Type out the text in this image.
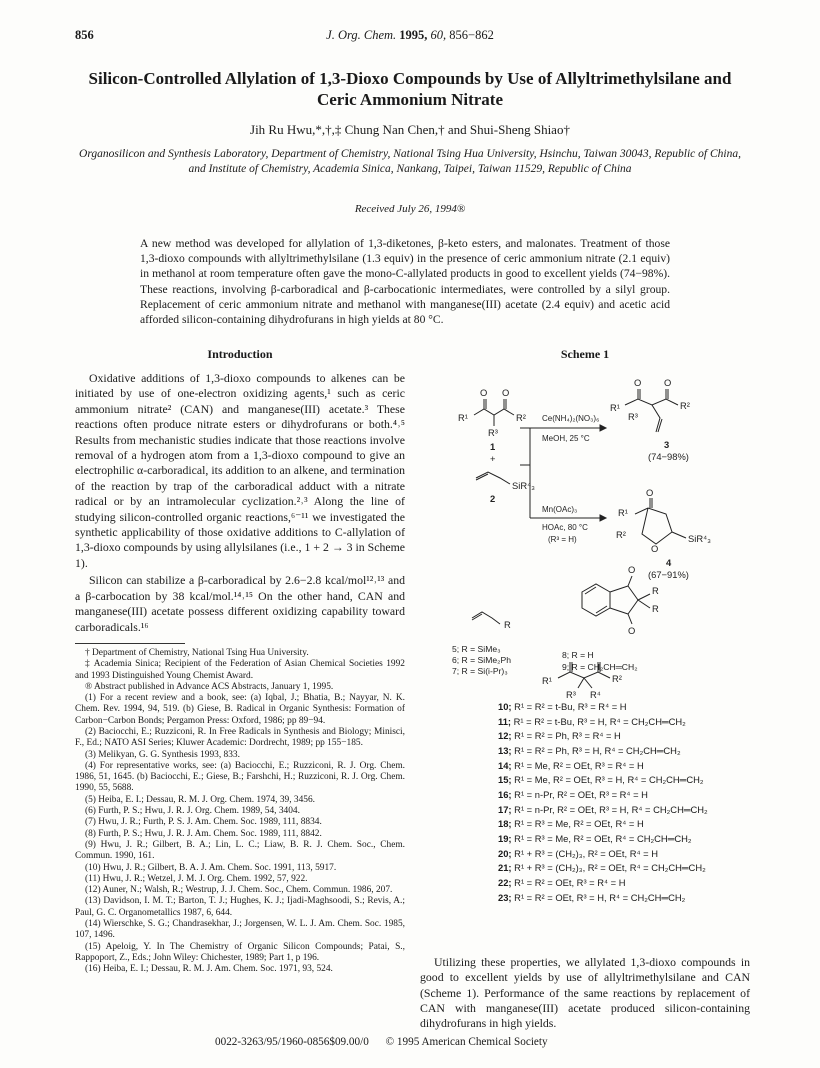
856	J. Org. Chem. 1995, 60, 856−862
Silicon-Controlled Allylation of 1,3-Dioxo Compounds by Use of Allyltrimethylsilane and Ceric Ammonium Nitrate
Jih Ru Hwu,*,†,‡ Chung Nan Chen,† and Shui-Sheng Shiao†
Organosilicon and Synthesis Laboratory, Department of Chemistry, National Tsing Hua University, Hsinchu, Taiwan 30043, Republic of China, and Institute of Chemistry, Academia Sinica, Nankang, Taipei, Taiwan 11529, Republic of China
Received July 26, 1994®
A new method was developed for allylation of 1,3-diketones, β-keto esters, and malonates. Treatment of those 1,3-dioxo compounds with allyltrimethylsilane (1.3 equiv) in the presence of ceric ammonium nitrate (2.1 equiv) in methanol at room temperature often gave the mono-C-allylated products in good to excellent yields (74−98%). These reactions, involving β-carboradical and β-carbocationic intermediates, were controlled by a silyl group. Replacement of ceric ammonium nitrate and methanol with manganese(III) acetate (2.4 equiv) and acetic acid afforded silicon-containing dihydrofurans in high yields at 80 °C.
Introduction

Oxidative additions of 1,3-dioxo compounds to alkenes can be initiated by use of one-electron oxidizing agents,¹ such as ceric ammonium nitrate² (CAN) and manganese(III) acetate.³ These reactions often produce nitrate esters or dihydrofurans or both.⁴˒⁵ Results from mechanistic studies indicate that those reactions involve removal of a hydrogen atom from a 1,3-dioxo compound to give an electrophilic α-carboradical, its addition to an alkene, and termination of the reaction by trap of the carboradical adduct with a nitrate radical or by an intramolecular cyclization.²˒³ Along the line of studying silicon-controlled organic reactions,⁶⁻¹¹ we investigated the synthetic applicability of those oxidative additions to C-allylation of 1,3-dioxo compounds by using allylsilanes (i.e., 1 + 2 → 3 in Scheme 1).

Silicon can stabilize a β-carboradical by 2.6−2.8 kcal/mol¹²˒¹³ and a β-carbocation by 38 kcal/mol.¹⁴˒¹⁵ On the other hand, CAN and manganese(III) acetate possess different oxidizing capability toward carboradicals.¹⁶

† Department of Chemistry, National Tsing Hua University.
‡ Academia Sinica; Recipient of the Federation of Asian Chemical Societies 1992 and 1993 Distinguished Young Chemist Award.
® Abstract published in Advance ACS Abstracts, January 1, 1995.
(1) For a recent review and a book, see: (a) Iqbal, J.; Bhatia, B.; Nayyar, N. K. Chem. Rev. 1994, 94, 519. (b) Giese, B. Radical in Organic Synthesis: Formation of Carbon−Carbon Bonds; Pergamon Press: Oxford, 1986; pp 89−94.
(2) Baciocchi, E.; Ruzziconi, R. In Free Radicals in Synthesis and Biology; Minisci, F., Ed.; NATO ASI Series; Kluwer Academic: Dordrecht, 1989; pp 155−185.
(3) Melikyan, G. G. Synthesis 1993, 833.
(4) For representative works, see: (a) Baciocchi, E.; Ruzziconi, R. J. Org. Chem. 1986, 51, 1645. (b) Baciocchi, E.; Giese, B.; Farshchi, H.; Ruzziconi, R. J. Org. Chem. 1990, 55, 5688.
(5) Heiba, E. I.; Dessau, R. M. J. Org. Chem. 1974, 39, 3456.
(6) Furth, P. S.; Hwu, J. R. J. Org. Chem. 1989, 54, 3404.
(7) Hwu, J. R.; Furth, P. S. J. Am. Chem. Soc. 1989, 111, 8834.
(8) Furth, P. S.; Hwu, J. R. J. Am. Chem. Soc. 1989, 111, 8842.
(9) Hwu, J. R.; Gilbert, B. A.; Lin, L. C.; Liaw, B. R. J. Chem. Soc., Chem. Commun. 1990, 161.
(10) Hwu, J. R.; Gilbert, B. A. J. Am. Chem. Soc. 1991, 113, 5917.
(11) Hwu, J. R.; Wetzel, J. M. J. Org. Chem. 1992, 57, 922.
(12) Auner, N.; Walsh, R.; Westrup, J. J. Chem. Soc., Chem. Commun. 1986, 207.
(13) Davidson, I. M. T.; Barton, T. J.; Hughes, K. J.; Ijadi-Maghsoodi, S.; Revis, A.; Paul, G. C. Organometallics 1987, 6, 644.
(14) Wierschke, S. G.; Chandrasekhar, J.; Jorgensen, W. L. J. Am. Chem. Soc. 1985, 107, 1496.
(15) Apeloig, Y. In The Chemistry of Organic Silicon Compounds; Patai, S., Rappoport, Z., Eds.; John Wiley: Chichester, 1989; Part 1, p 196.
(16) Heiba, E. I.; Dessau, R. M. J. Am. Chem. Soc. 1971, 93, 524.
Scheme 1
O O
R¹	R²
R³
1
+
SiR⁴₃
2
Ce(NH₄)₂(NO₃)₆
MeOH, 25 °C
O O
R¹	R²
R³
3
(74−98%)
O
Mn(OAc)₃
HOAc, 80 °C
(R³ = H)
R¹
R²
O
SiR⁴₃
4
(67−91%)
R
O
R
R
O
5; R = SiMe₃
6; R = SiMe₂Ph
7; R = Si(i-Pr)₃
8; R = H
9; R = CH₂CH═CH₂
R¹	R²
R³ R⁴
10; R¹ = R² = t-Bu, R³ = R⁴ = H
11; R¹ = R² = t-Bu, R³ = H, R⁴ = CH₂CH═CH₂
12; R¹ = R² = Ph, R³ = R⁴ = H
13; R¹ = R² = Ph, R³ = H, R⁴ = CH₂CH═CH₂
14; R¹ = Me, R² = OEt, R³ = R⁴ = H
15; R¹ = Me, R² = OEt, R³ = H, R⁴ = CH₂CH═CH₂
16; R¹ = n-Pr, R² = OEt, R³ = R⁴ = H
17; R¹ = n-Pr, R² = OEt, R³ = H, R⁴ = CH₂CH═CH₂
18; R¹ = R³ = Me, R² = OEt, R⁴ = H
19; R¹ = R³ = Me, R² = OEt, R⁴ = CH₂CH═CH₂
20; R¹ + R³ = (CH₂)₃, R² = OEt, R⁴ = H
21; R¹ + R³ = (CH₂)₃, R² = OEt, R⁴ = CH₂CH═CH₂
22; R¹ = R² = OEt, R³ = R⁴ = H
23; R¹ = R² = OEt, R³ = H, R⁴ = CH₂CH═CH₂

Utilizing these properties, we allylated 1,3-dioxo compounds in good to excellent yields by use of allyltrimethylsilane and CAN (Scheme 1). Performance of the same reactions by replacement of CAN with manganese(III) acetate produced silicon-containing dihydrofurans in high yields.

0022-3263/95/1960-0856$09.00/0 © 1995 American Chemical Society
